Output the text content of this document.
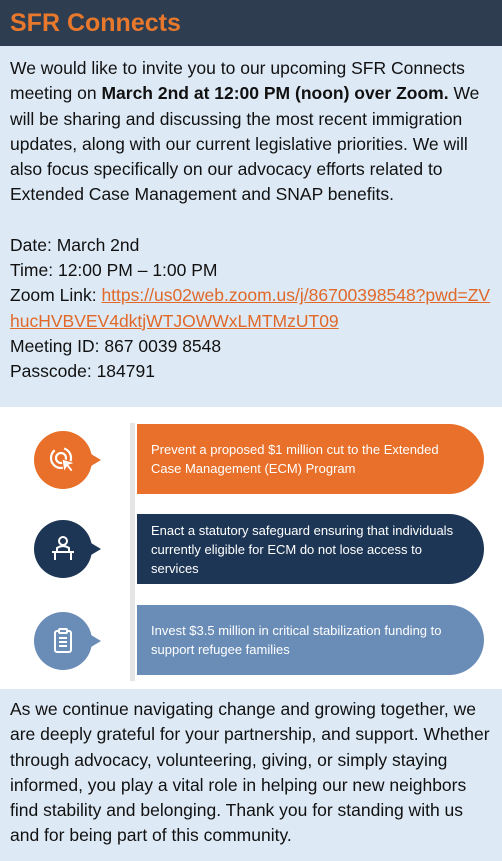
SFR Connects

We would like to invite you to our upcoming SFR Connects meeting on March 2nd at 12:00 PM (noon) over Zoom. We will be sharing and discussing the most recent immigration updates, along with our current legislative priorities. We will also focus specifically on our advocacy efforts related to Extended Case Management and SNAP benefits.

Date: March 2nd

Time: 12:00 PM – 1:00 PM

Zoom Link: https://us02web.zoom.us/j/86700398548?pwd=ZVhucHVBVEV4dktjWTJOWWxLMTMzUT09

Meeting ID: 867 0039 8548

Passcode: 184791

Prevent a proposed $1 million cut to the Extended Case Management (ECM) Program
Enact a statutory safeguard ensuring that individuals currently eligible for ECM do not lose access to services
Invest $3.5 million in critical stabilization funding to support refugee families

As we continue navigating change and growing together, we are deeply grateful for your partnership, and support. Whether through advocacy, volunteering, giving, or simply staying informed, you play a vital role in helping our new neighbors find stability and belonging. Thank you for standing with us and for being part of this community.
